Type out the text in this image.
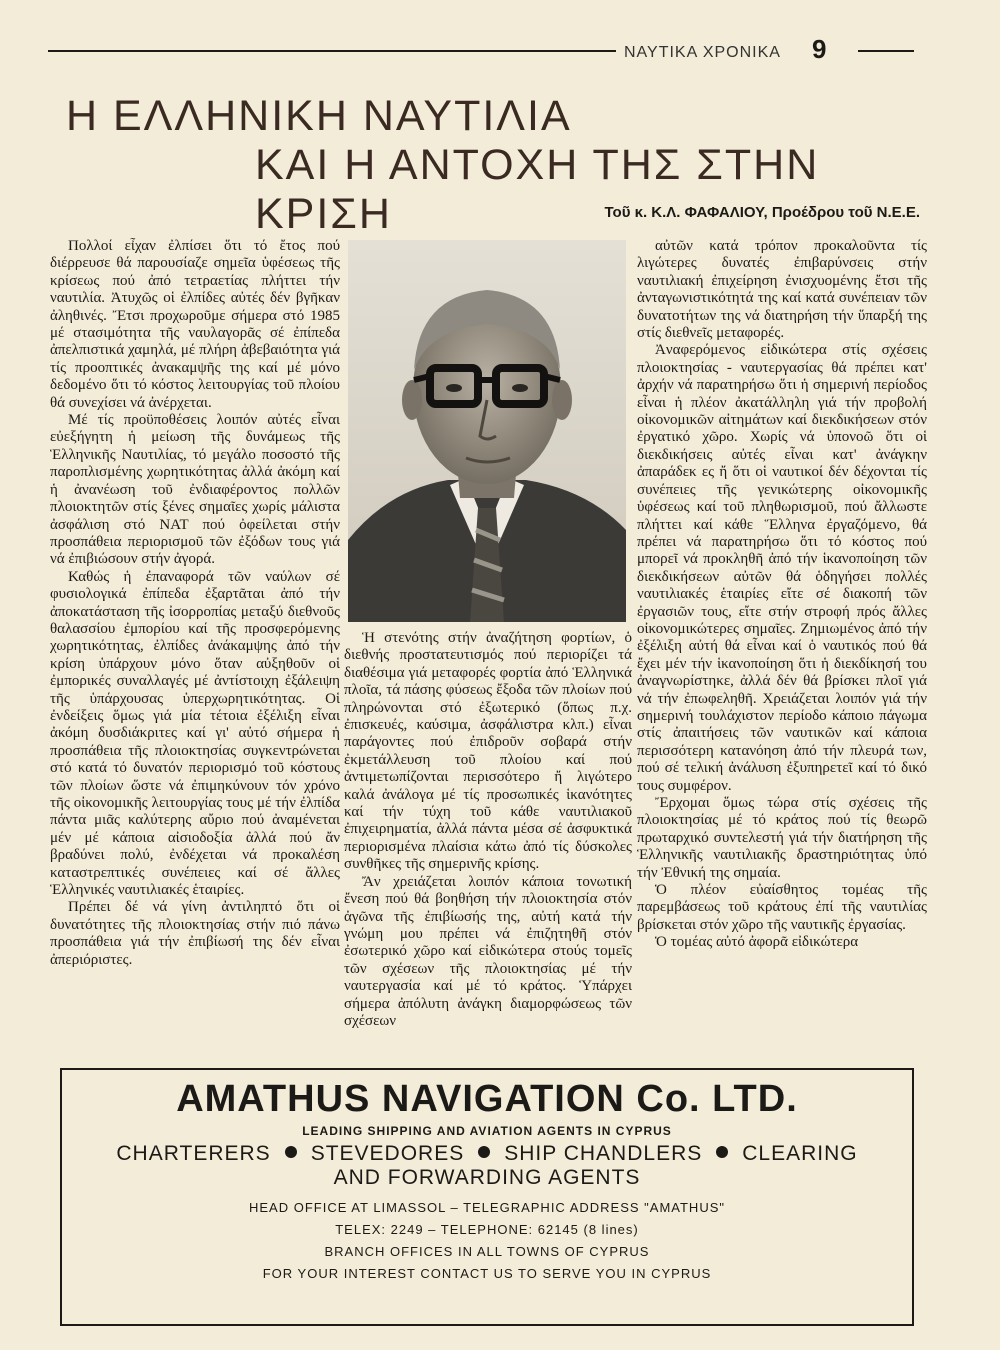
ΝΑΥΤΙΚΑ ΧΡΟΝΙΚΑ	9
Η ΕΛΛΗΝΙΚΗ ΝΑΥΤΙΛΙΑ
ΚΑΙ Η ΑΝΤΟΧΗ ΤΗΣ ΣΤΗΝ ΚΡΙΣΗ	Τοῦ κ. Κ.Λ. ΦΑΦΑΛΙΟΥ, Προέδρου τοῦ Ν.Ε.Ε.

Πολλοί εἶχαν ἐλπίσει ὅτι τό ἔτος πού διέρρευσε θά παρουσίαζε σημεῖα ὑφέσεως τῆς κρίσεως πού ἀπό τετραετίας πλήττει τήν ναυτιλία. Ἀτυχῶς οἱ ἐλπίδες αὐτές δέν βγῆκαν ἀληθινές. Ἔτσι προχωροῦμε σήμερα στό 1985 μέ στασιμότητα τῆς ναυλαγορᾶς σέ ἐπίπεδα ἀπελπιστικά χαμηλά, μέ πλήρη ἀβεβαιότητα γιά τίς προοπτικές ἀνακαμψῆς της καί μέ μόνο δεδομένο ὅτι τό κόστος λειτουργίας τοῦ πλοίου θά συνεχίσει νά ἀνέρχεται.

Μέ τίς προϋποθέσεις λοιπόν αὐτές εἶναι εὐεξήγητη ἡ μείωση τῆς δυνάμεως τῆς Ἑλληνικῆς Ναυτιλίας, τό μεγάλο ποσοστό τῆς παροπλισμένης χωρητικότητας ἀλλά ἀκόμη καί ἡ ἀνανέωση τοῦ ἐνδιαφέροντος πολλῶν πλοιοκτητῶν στίς ξένες σημαῖες χωρίς μάλιστα ἀσφάλιση στό ΝΑΤ πού ὀφείλεται στήν προσπάθεια περιορισμοῦ τῶν ἐξόδων τους γιά νά ἐπιβιώσουν στήν ἀγορά.

Καθώς ἡ ἐπαναφορά τῶν ναύλων σέ φυσιολογικά ἐπίπεδα ἐξαρτᾶται ἀπό τήν ἀποκατάσταση τῆς ἰσορροπίας μεταξύ διεθνοῦς θαλασσίου ἐμπορίου καί τῆς προσφερόμενης χωρητικότητας, ἐλπίδες ἀνάκαμψης ἀπό τήν κρίση ὑπάρχουν μόνο ὅταν αὐξηθοῦν οἱ ἐμπορικές συναλλαγές μέ ἀντίστοιχη ἐξάλειψη τῆς ὑπάρχουσας ὑπερχωρητικότητας. Οἱ ἐνδείξεις ὅμως γιά μία τέτοια ἐξέλιξη εἶναι ἀκόμη δυσδιάκριτες καί γι' αὐτό σήμερα ἡ προσπάθεια τῆς πλοιοκτησίας συγκεντρώνεται στό κατά τό δυνατόν περιορισμό τοῦ κόστους τῶν πλοίων ὥστε νά ἐπιμηκύνουν τόν χρόνο τῆς οἰκονομικῆς λειτουργίας τους μέ τήν ἐλπίδα πάντα μιᾶς καλύτερης αὔριο πού ἀναμένεται μέν μέ κάποια αἰσιοδοξία ἀλλά πού ἄν βραδύνει πολύ, ἐνδέχεται νά προκαλέση καταστρεπτικές συνέπειες καί σέ ἄλλες Ἑλληνικές ναυτιλιακές ἑταιρίες.

Πρέπει δέ νά γίνη ἀντιληπτό ὅτι οἱ δυνατότητες τῆς πλοιοκτησίας στήν πιό πάνω προσπάθεια γιά τήν ἐπιβίωσή της δέν εἶναι ἀπεριόριστες.

Ἡ στενότης στήν ἀναζήτηση φορτίων, ὁ διεθνής προστατευτισμός πού περιορίζει τά διαθέσιμα γιά μεταφορές φορτία ἀπό Ἑλληνικά πλοῖα, τά πάσης φύσεως ἔξοδα τῶν πλοίων πού πληρώνονται στό ἐξωτερικό (ὅπως π.χ. ἐπισκευές, καύσιμα, ἀσφάλιστρα κλπ.) εἶναι παράγοντες πού ἐπιδροῦν σοβαρά στήν ἐκμετάλλευση τοῦ πλοίου καί πού ἀντιμετωπίζονται περισσότερο ἤ λιγώτερο καλά ἀνάλογα μέ τίς προσωπικές ἱκανότητες καί τήν τύχη τοῦ κάθε ναυτιλιακοῦ ἐπιχειρηματία, ἀλλά πάντα μέσα σέ ἀσφυκτικά περιορισμένα πλαίσια κάτω ἀπό τίς δύσκολες συνθῆκες τῆς σημερινῆς κρίσης.

Ἄν χρειάζεται λοιπόν κάποια τονωτική ἔνεση πού θά βοηθήση τήν πλοιοκτησία στόν ἀγῶνα τῆς ἐπιβίωσής της, αὐτή κατά τήν γνώμη μου πρέπει νά ἐπιζητηθῆ στόν ἐσωτερικό χῶρο καί εἰδικώτερα στούς τομεῖς τῶν σχέσεων τῆς πλοιοκτησίας μέ τήν ναυτεργασία καί μέ τό κράτος. Ὑπάρχει σήμερα ἀπόλυτη ἀνάγκη διαμορφώσεως τῶν σχέσεων

αὐτῶν κατά τρόπον προκαλοῦντα τίς λιγώτερες δυνατές ἐπιβαρύνσεις στήν ναυτιλιακή ἐπιχείρηση ἐνισχυομένης ἔτσι τῆς ἀνταγωνιστικότητά της καί κατά συνέπειαν τῶν δυνατοτήτων της νά διατηρήση τήν ὕπαρξή της στίς διεθνεῖς μεταφορές.

Ἀναφερόμενος εἰδικώτερα στίς σχέσεις πλοιοκτησίας - ναυτεργασίας θά πρέπει κατ' ἀρχήν νά παρατηρήσω ὅτι ἡ σημερινή περίοδος εἶναι ἡ πλέον ἀκατάλληλη γιά τήν προβολή οἰκονομικῶν αἰτημάτων καί διεκδικήσεων στόν ἐργατικό χῶρο. Χωρίς νά ὑπονοῶ ὅτι οἱ διεκδικήσεις αὐτές εἶναι κατ' ἀνάγκην ἀπαράδεκ ες ἤ ὅτι οἱ ναυτικοί δέν δέχονται τίς συνέπειες τῆς γενικώτερης οἰκονομικῆς ὑφέσεως καί τοῦ πληθωρισμοῦ, πού ἄλλωστε πλήττει καί κάθε Ἕλληνα ἐργαζόμενο, θά πρέπει νά παρατηρήσω ὅτι τό κόστος πού μπορεῖ νά προκληθῆ ἀπό τήν ἱκανοποίηση τῶν διεκδικήσεων αὐτῶν θά ὁδηγήσει πολλές ναυτιλιακές ἑταιρίες εἴτε σέ διακοπή τῶν ἐργασιῶν τους, εἴτε στήν στροφή πρός ἄλλες οἰκονομικώτερες σημαῖες. Ζημιωμένος ἀπό τήν ἐξέλιξη αὐτή θά εἶναι καί ὁ ναυτικός πού θά ἔχει μέν τήν ἱκανοποίηση ὅτι ἡ διεκδίκησή του ἀναγνωρίστηκε, ἀλλά δέν θά βρίσκει πλοῖ γιά νά τήν ἐπωφεληθῆ. Χρειάζεται λοιπόν γιά τήν σημερινή τουλάχιστον περίοδο κάποιο πάγωμα στίς ἀπαιτήσεις τῶν ναυτικῶν καί κάποια περισσότερη κατανόηση ἀπό τήν πλευρά των, πού σέ τελική ἀνάλυση ἐξυπηρετεῖ καί τό δικό τους συμφέρον.

Ἔρχομαι ὅμως τώρα στίς σχέσεις τῆς πλοιοκτησίας μέ τό κράτος πού τίς θεωρῶ πρωταρχικό συντελεστή γιά τήν διατήρηση τῆς Ἑλληνικῆς ναυτιλιακῆς δραστηριότητας ὑπό τήν Ἐθνική της σημαία.

Ὁ πλέον εὐαίσθητος τομέας τῆς παρεμβάσεως τοῦ κράτους ἐπί τῆς ναυτιλίας βρίσκεται στόν χῶρο τῆς ναυτικῆς ἐργασίας.

Ὁ τομέας αὐτό ἀφορᾶ εἰδικώτερα

AMATHUS NAVIGATION Co. LTD.
LEADING SHIPPING AND AVIATION AGENTS IN CYPRUS
CHARTERERS STEVEDORES SHIP CHANDLERS CLEARING
AND FORWARDING AGENTS
HEAD OFFICE AT LIMASSOL – TELEGRAPHIC ADDRESS "AMATHUS"
TELEX: 2249 – TELEPHONE: 62145 (8 lines)
BRANCH OFFICES IN ALL TOWNS OF CYPRUS
FOR YOUR INTEREST CONTACT US TO SERVE YOU IN CYPRUS
